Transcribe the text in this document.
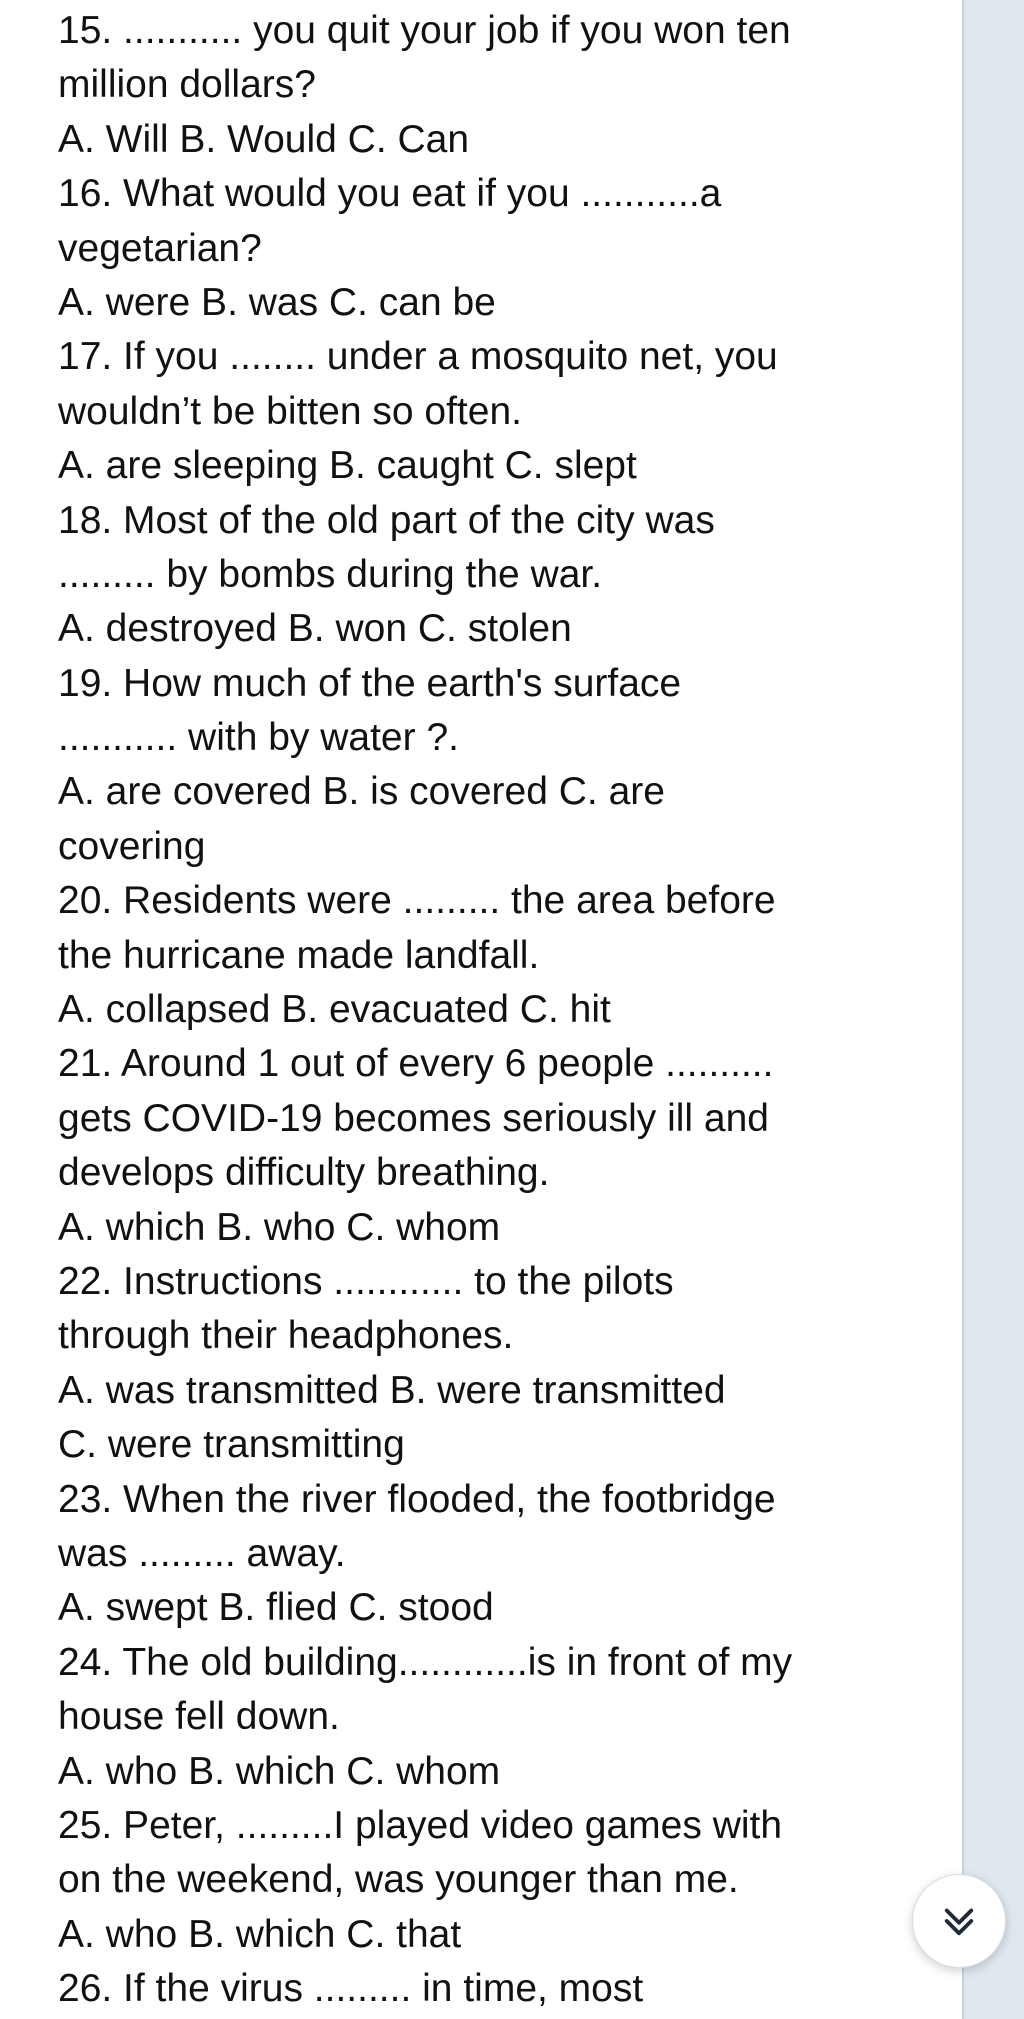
15. ........... you quit your job if you won ten
million dollars?
A. Will B. Would C. Can
16. What would you eat if you ...........a
vegetarian?
A. were B. was C. can be
17. If you ........ under a mosquito net, you
wouldn’t be bitten so often.
A. are sleeping B. caught C. slept
18. Most of the old part of the city was
......... by bombs during the war.
A. destroyed B. won C. stolen
19. How much of the earth's surface
........... with by water ?.
A. are covered B. is covered C. are
covering
20. Residents were ......... the area before
the hurricane made landfall.
A. collapsed B. evacuated C. hit
21. Around 1 out of every 6 people ..........
gets COVID-19 becomes seriously ill and
develops difficulty breathing.
A. which B. who C. whom
22. Instructions ............ to the pilots
through their headphones.
A. was transmitted B. were transmitted
C. were transmitting
23. When the river flooded, the footbridge
was ......... away.
A. swept B. flied C. stood
24. The old building............is in front of my
house fell down.
A. who B. which C. whom
25. Peter, .........I played video games with
on the weekend, was younger than me.
A. who B. which C. that
26. If the virus ......... in time, most
